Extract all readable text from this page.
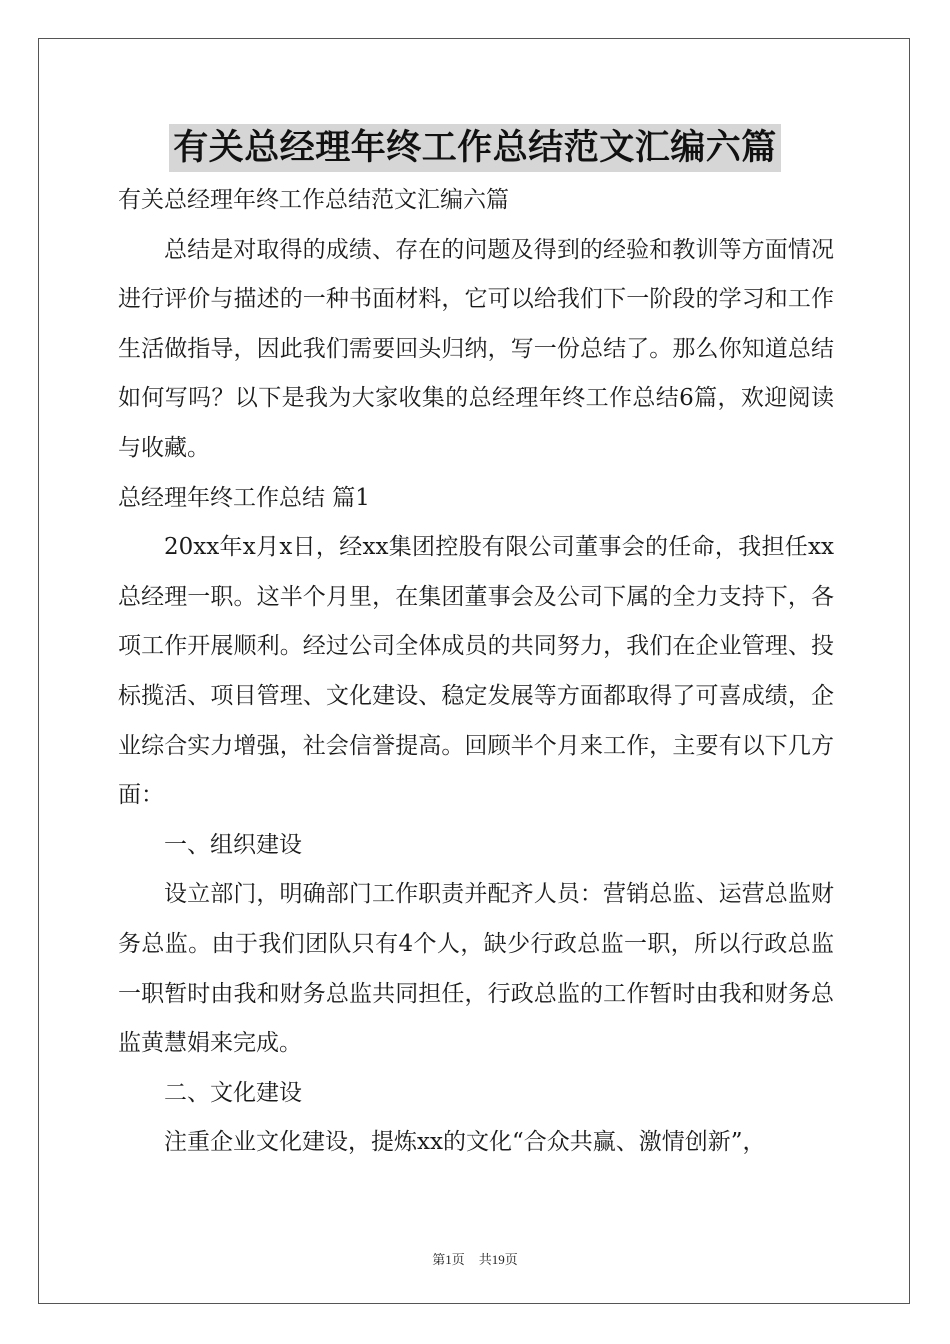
有关总经理年终工作总结范文汇编六篇

有关总经理年终工作总结范文汇编六篇

总结是对取得的成绩、存在的问题及得到的经验和教训等方面情况进行评价与描述的一种书面材料，它可以给我们下一阶段的学习和工作生活做指导，因此我们需要回头归纳，写一份总结了。那么你知道总结如何写吗？以下是我为大家收集的总经理年终工作总结6篇，欢迎阅读与收藏。

总经理年终工作总结 篇1

20xx年x月x日，经xx集团控股有限公司董事会的任命，我担任xx总经理一职。这半个月里，在集团董事会及公司下属的全力支持下，各项工作开展顺利。经过公司全体成员的共同努力，我们在企业管理、投标揽活、项目管理、文化建设、稳定发展等方面都取得了可喜成绩，企业综合实力增强，社会信誉提高。回顾半个月来工作，主要有以下几方面：

一、组织建设

设立部门，明确部门工作职责并配齐人员：营销总监、运营总监财务总监。由于我们团队只有4个人，缺少行政总监一职，所以行政总监一职暂时由我和财务总监共同担任，行政总监的工作暂时由我和财务总监黄慧娟来完成。

二、文化建设

注重企业文化建设，提炼xx的文化“合众共赢、激情创新”，

第1页 共19页
